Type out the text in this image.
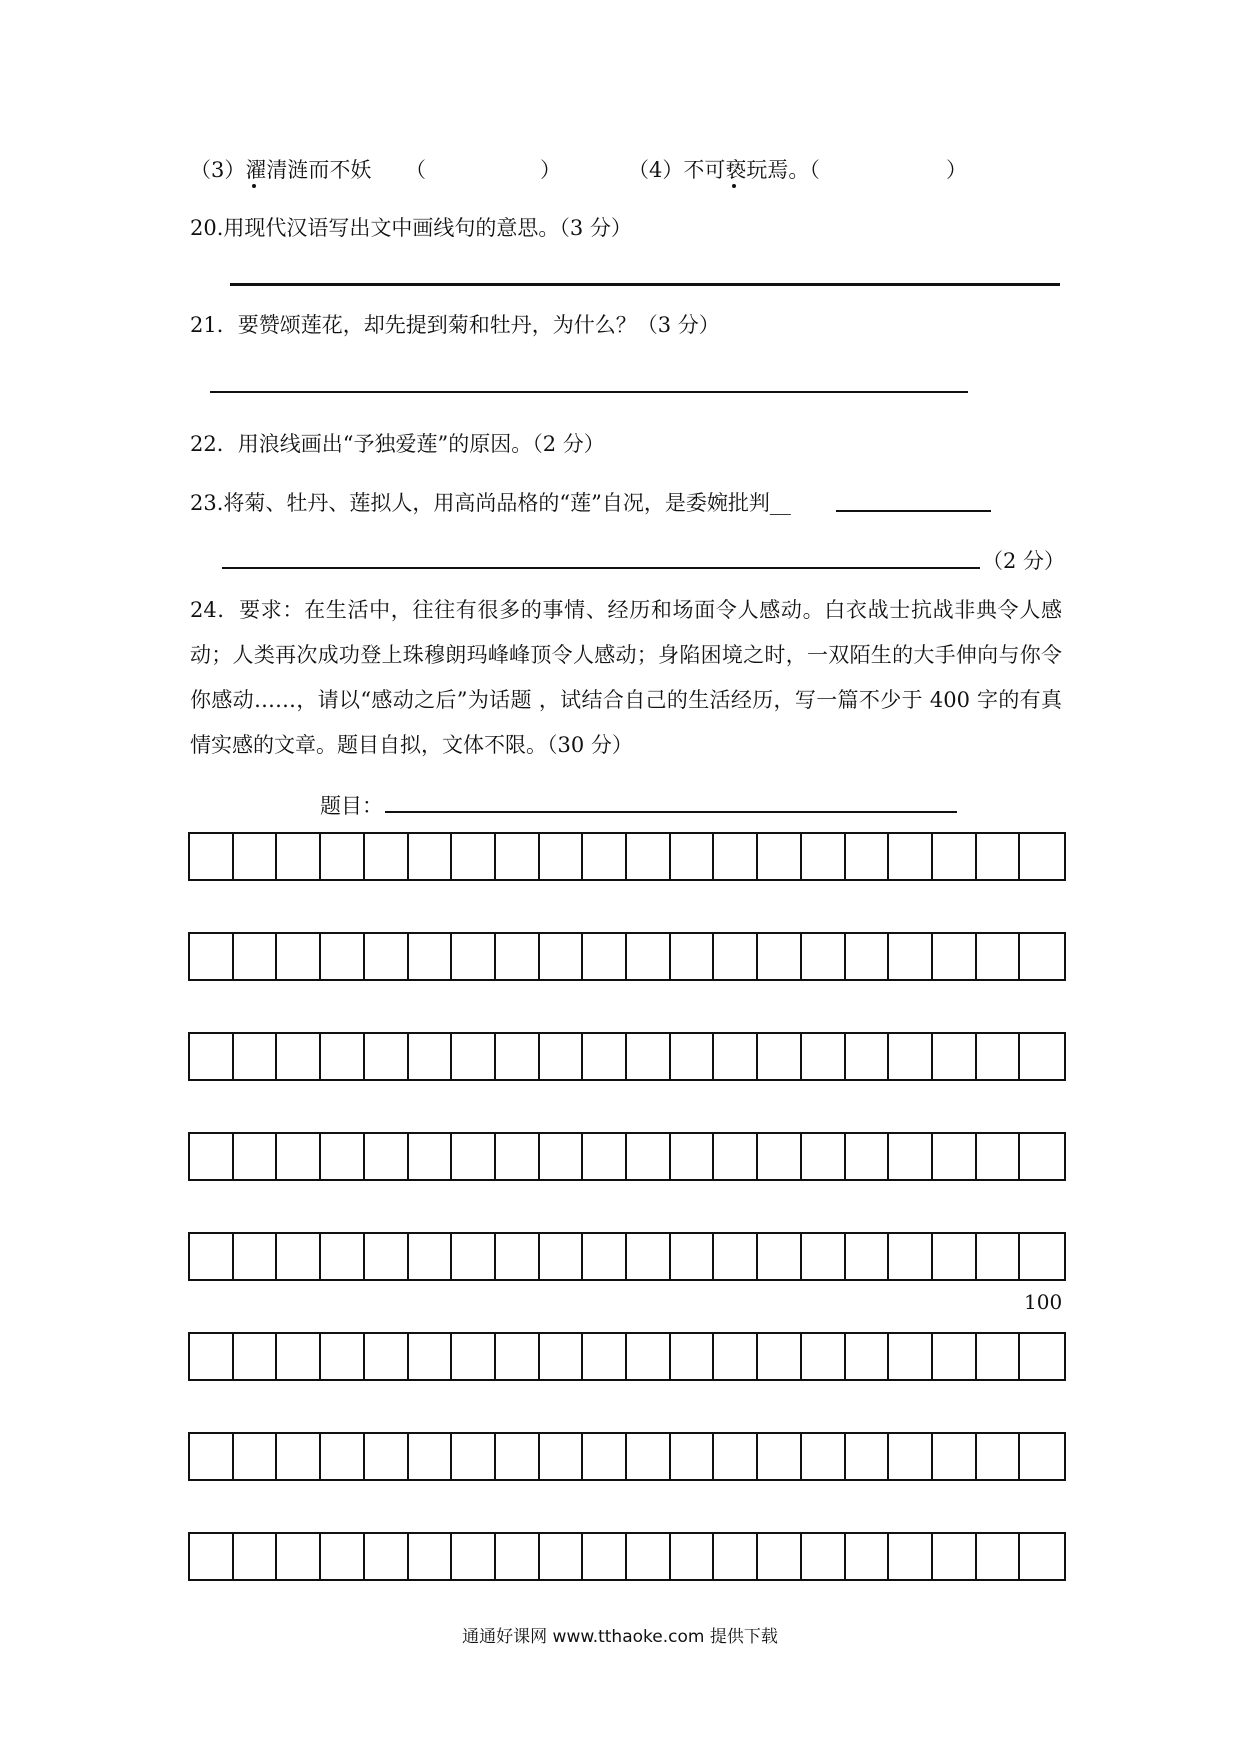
（3）濯清涟而不妖 （	）	（4）不可亵玩焉。（	）
20.用现代汉语写出文中画线句的意思。（3 分）
21．要赞颂莲花，却先提到菊和牡丹，为什么？（3 分）
22．用浪线画出“予独爱莲”的原因。（2 分）
23.将菊、牡丹、莲拟人，用高尚品格的“莲”自况，是委婉批判__
（2 分）
24．要求：在生活中，往往有很多的事情、经历和场面令人感动。白衣战士抗战非典令人感动；人类再次成功登上珠穆朗玛峰峰顶令人感动；身陷困境之时，一双陌生的大手伸向与你令你感动……，请以“感动之后”为话题 ，试结合自己的生活经历，写一篇不少于 400 字的有真情实感的文章。题目自拟，文体不限。（30 分）
题目：
100
通通好课网 www.tthaoke.com 提供下载
